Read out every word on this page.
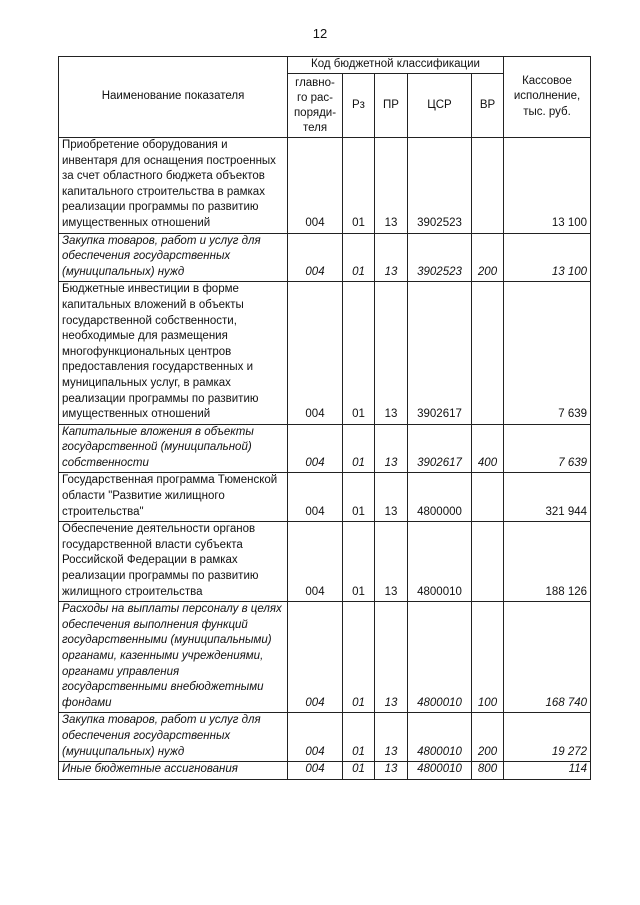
12
Наименование показателя	Код бюджетной классификации					Кассовое исполнение, тыс. руб.
	главно-го рас-поряди-теля	Рз	ПР	ЦСР	ВР	
Приобретение оборудования и инвентаря для оснащения построенных за счет областного бюджета объектов капитального строительства в рамках реализации программы по развитию имущественных отношений	004	01	13	3902523		13 100
Закупка товаров, работ и услуг для обеспечения государственных (муниципальных) нужд	004	01	13	3902523	200	13 100
Бюджетные инвестиции в форме капитальных вложений в объекты государственной собственности, необходимые для размещения многофункциональных центров предоставления государственных и муниципальных услуг, в рамках реализации программы по развитию имущественных отношений	004	01	13	3902617		7 639
Капитальные вложения в объекты государственной (муниципальной) собственности	004	01	13	3902617	400	7 639
Государственная программа Тюменской области "Развитие жилищного строительства"	004	01	13	4800000		321 944
Обеспечение деятельности органов государственной власти субъекта Российской Федерации в рамках реализации программы по развитию жилищного строительства	004	01	13	4800010		188 126
Расходы на выплаты персоналу в целях обеспечения выполнения функций государственными (муниципальными) органами, казенными учреждениями, органами управления государственными внебюджетными фондами	004	01	13	4800010	100	168 740
Закупка товаров, работ и услуг для обеспечения государственных (муниципальных) нужд	004	01	13	4800010	200	19 272
Иные бюджетные ассигнования	004	01	13	4800010	800	114
